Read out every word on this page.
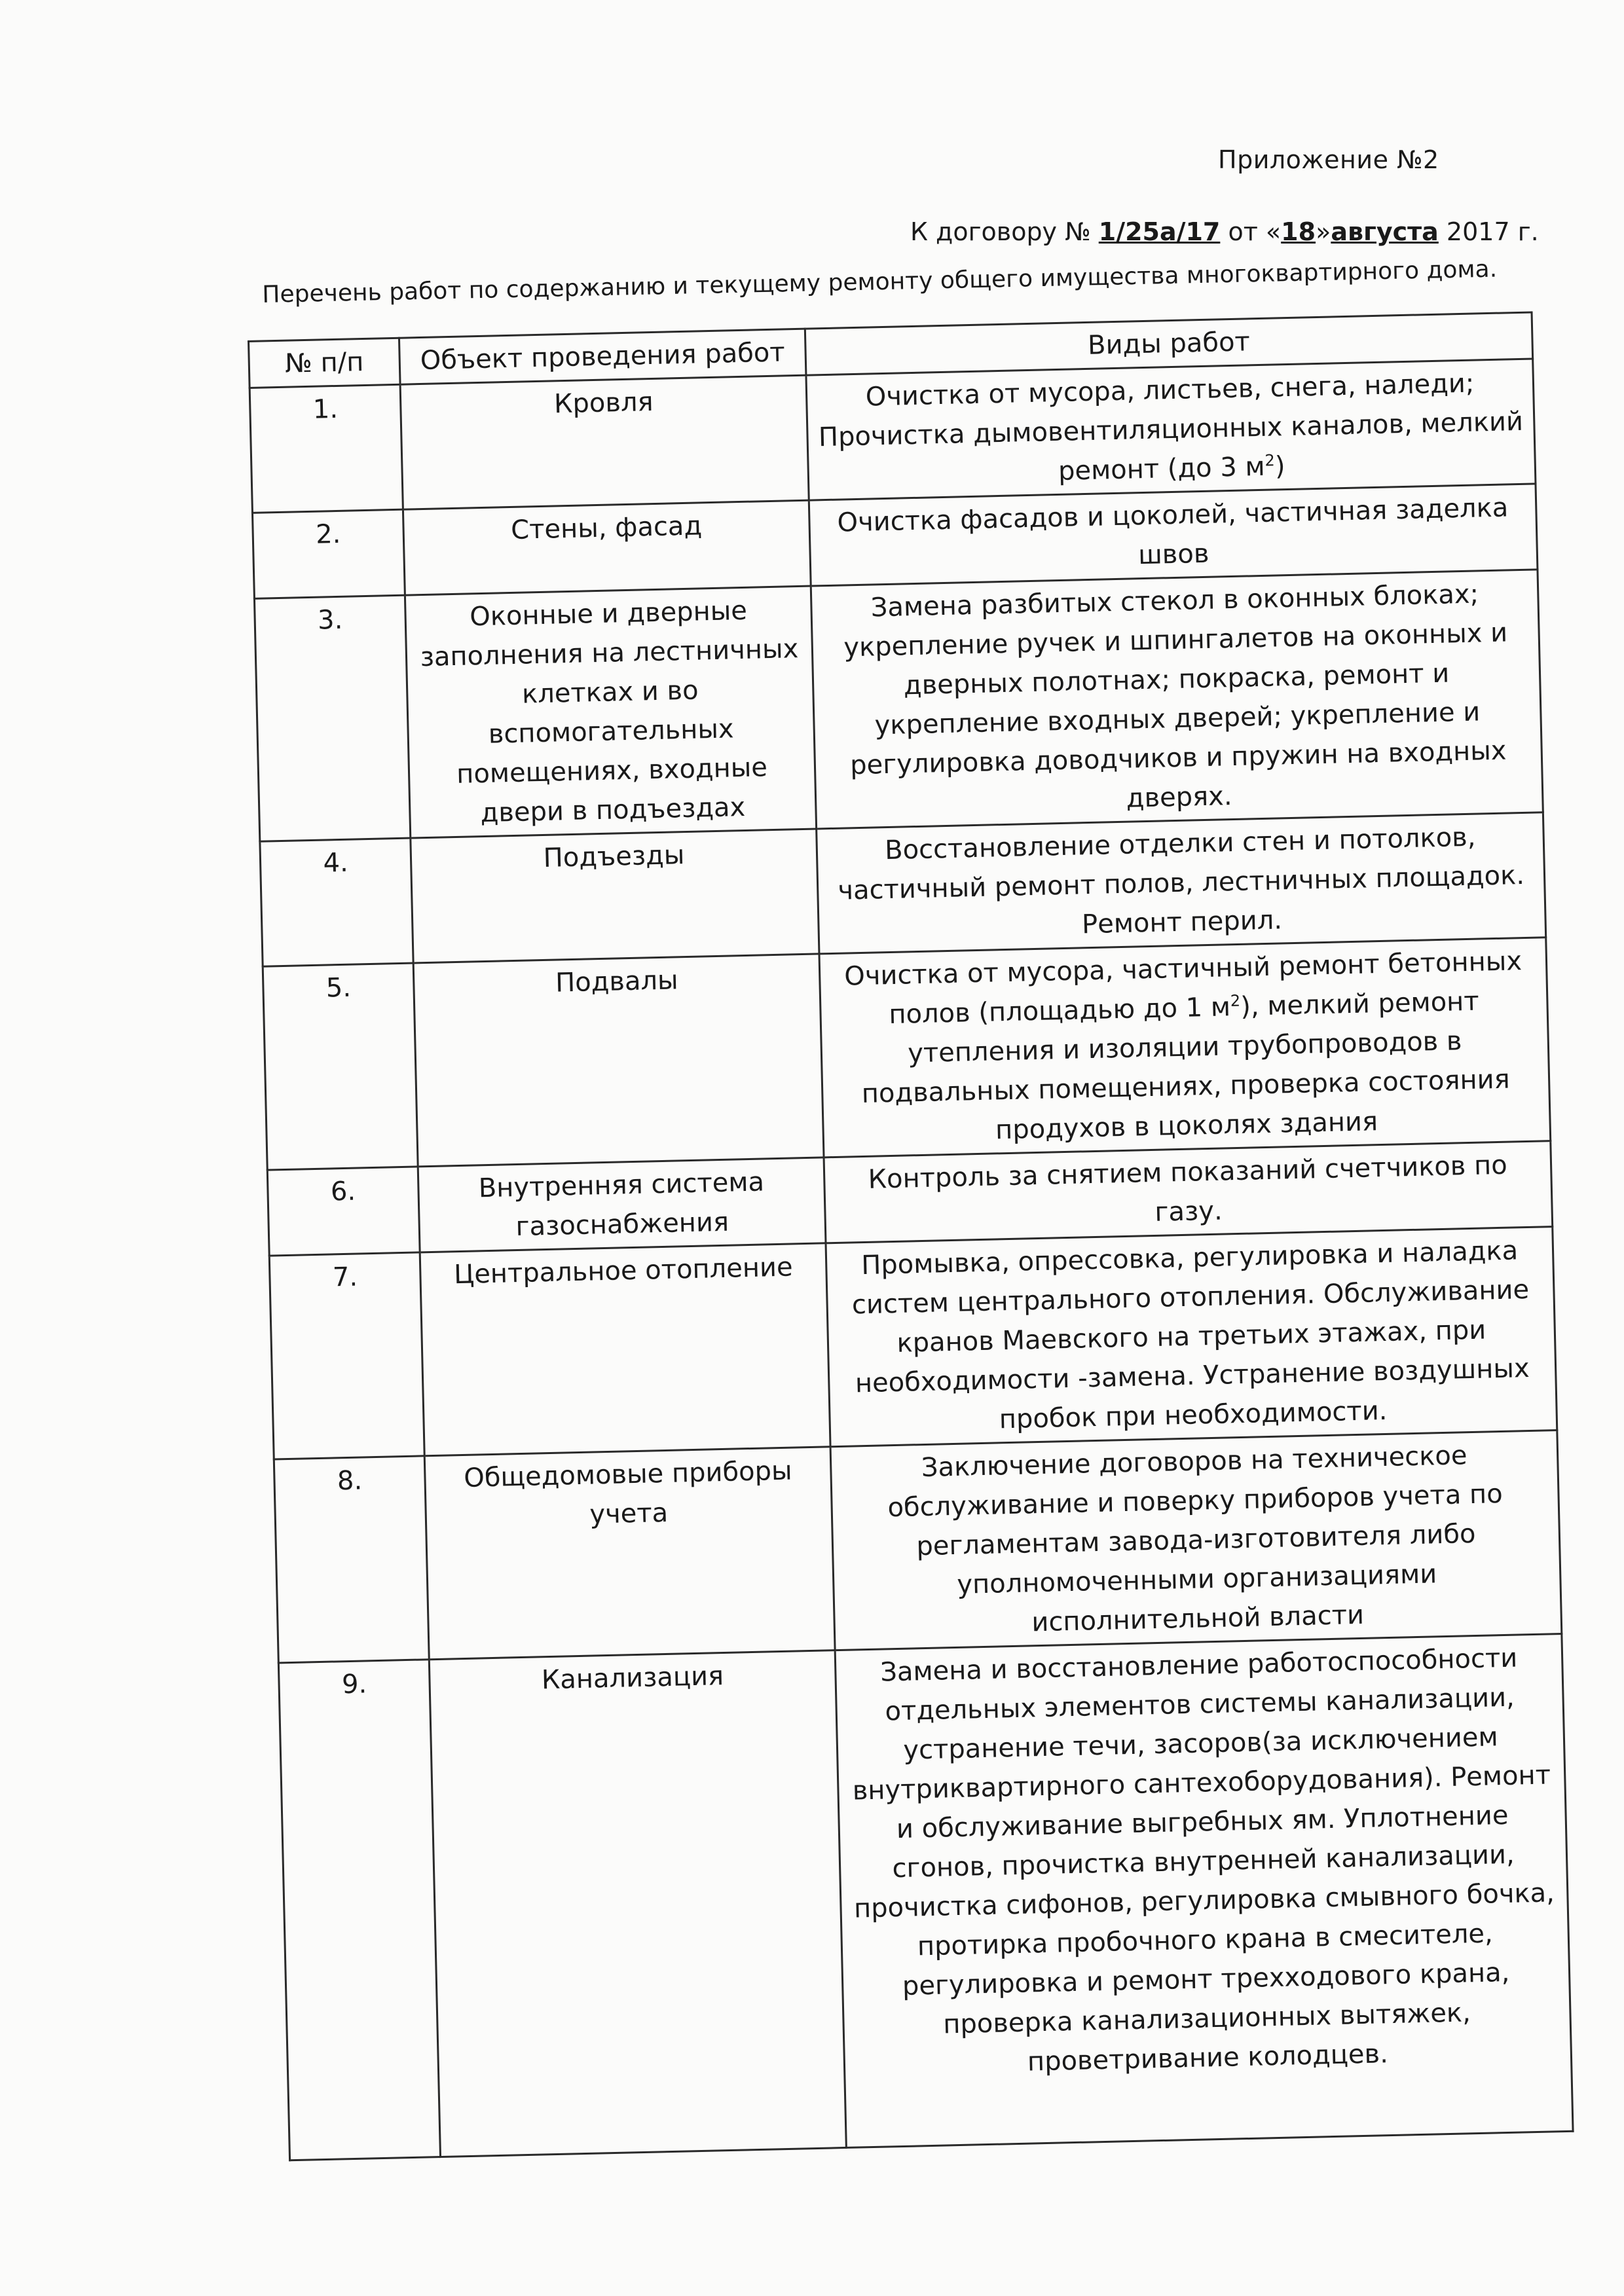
Приложение №2
К договору № 1/25а/17 от «18»августа 2017 г.
Перечень работ по содержанию и текущему ремонту общего имущества многоквартирного дома.
№ п/п	Объект проведения работ	Виды работ
1.	Кровля	Очистка от мусора, листьев, снега, наледи; Прочистка дымовентиляционных каналов, мелкий ремонт (до 3 $м^2$)
2.	Стены, фасад	Очистка фасадов и цоколей, частичная заделка швов
3.	Оконные и дверные заполнения на лестничных клетках и во вспомогательных помещениях, входные двери в подъездах	Замена разбитых стекол в оконных блоках; укрепление ручек и шпингалетов на оконных и дверных полотнах; покраска, ремонт и укрепление входных дверей; укрепление и регулировка доводчиков и пружин на входных дверях.
4.	Подъезды	Восстановление отделки стен и потолков, частичный ремонт полов, лестничных площадок. Ремонт перил.
5.	Подвалы	Очистка от мусора, частичный ремонт бетонных полов (площадью до 1 $м^2$), мелкий ремонт утепления и изоляции трубопроводов в подвальных помещениях, проверка состояния продухов в цоколях здания
6.	Внутренняя система газоснабжения	Контроль за снятием показаний счетчиков по газу.
7.	Центральное отопление	Промывка, опрессовка, регулировка и наладка систем центрального отопления. Обслуживание кранов Маевского на третьих этажах, при необходимости -замена. Устранение воздушных пробок при необходимости.
8.	Общедомовые приборы учета	Заключение договоров на техническое обслуживание и поверку приборов учета по регламентам завода-изготовителя либо уполномоченными организациями исполнительной власти
9.	Канализация	Замена и восстановление работоспособности отдельных элементов системы канализации, устранение течи, засоров(за исключением внутриквартирного сантехоборудования). Ремонт и обслуживание выгребных ям. Уплотнение сгонов, прочистка внутренней канализации, прочистка сифонов, регулировка смывного бочка, протирка пробочного крана в смесителе, регулировка и ремонт трехходового крана, проверка канализационных вытяжек, проветривание колодцев.
